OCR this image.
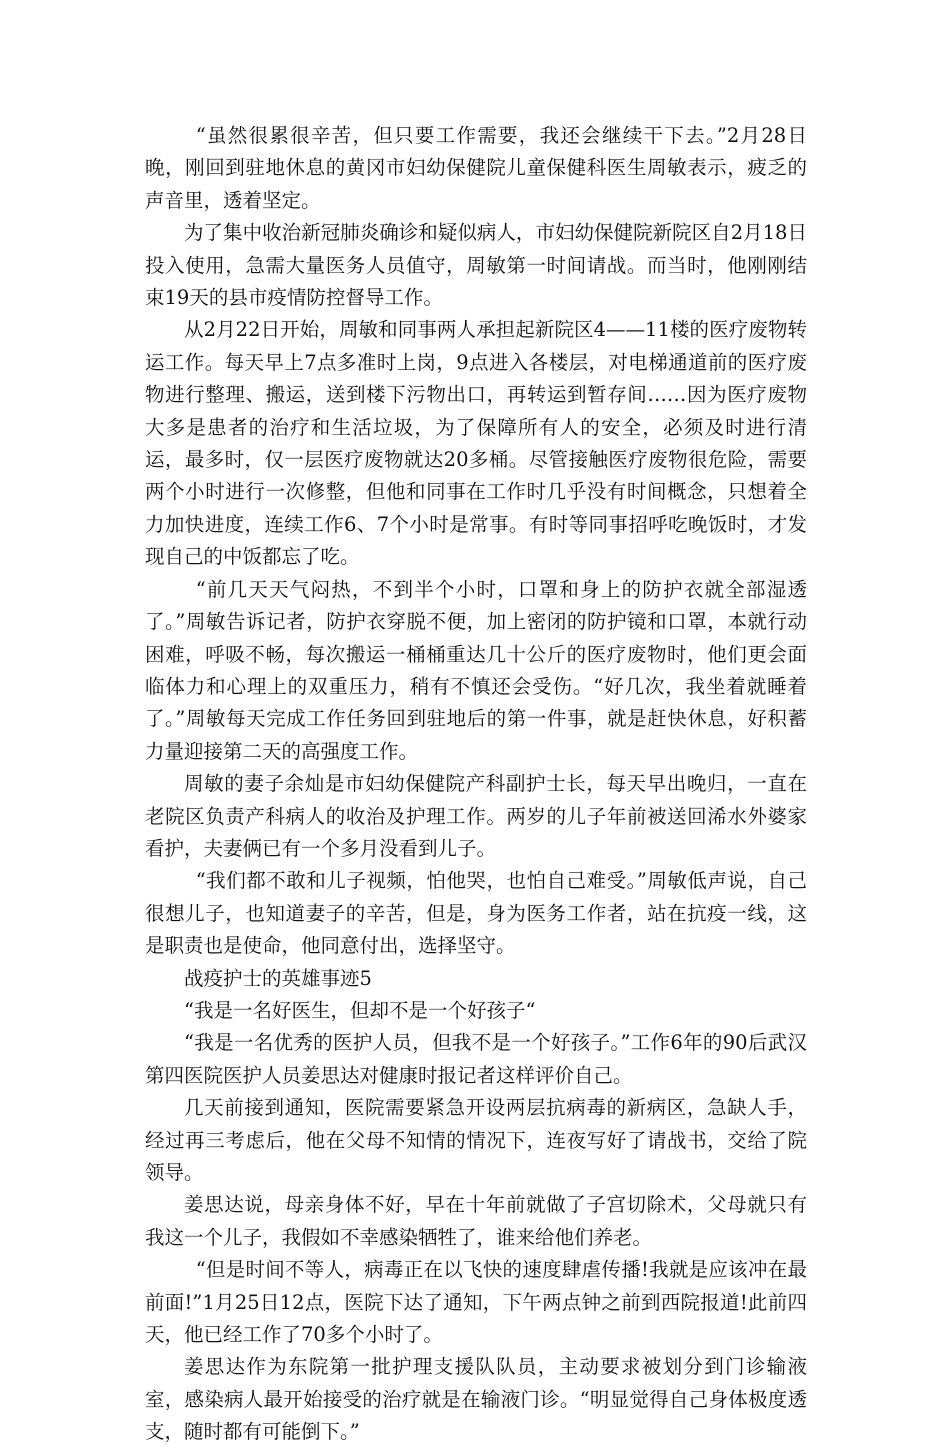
“虽然很累很辛苦，但只要工作需要，我还会继续干下去。”2月28日晚，刚回到驻地休息的黄冈市妇幼保健院儿童保健科医生周敏表示，疲乏的声音里，透着坚定。

为了集中收治新冠肺炎确诊和疑似病人，市妇幼保健院新院区自2月18日投入使用，急需大量医务人员值守，周敏第一时间请战。而当时，他刚刚结束19天的县市疫情防控督导工作。

从2月22日开始，周敏和同事两人承担起新院区4——11楼的医疗废物转运工作。每天早上7点多准时上岗，9点进入各楼层，对电梯通道前的医疗废物进行整理、搬运，送到楼下污物出口，再转运到暂存间……因为医疗废物大多是患者的治疗和生活垃圾，为了保障所有人的安全，必须及时进行清运，最多时，仅一层医疗废物就达20多桶。尽管接触医疗废物很危险，需要两个小时进行一次修整，但他和同事在工作时几乎没有时间概念，只想着全力加快进度，连续工作6、7个小时是常事。有时等同事招呼吃晚饭时，才发现自己的中饭都忘了吃。

“前几天天气闷热，不到半个小时，口罩和身上的防护衣就全部湿透了。”周敏告诉记者，防护衣穿脱不便，加上密闭的防护镜和口罩，本就行动困难，呼吸不畅，每次搬运一桶桶重达几十公斤的医疗废物时，他们更会面临体力和心理上的双重压力，稍有不慎还会受伤。“好几次，我坐着就睡着了。”周敏每天完成工作任务回到驻地后的第一件事，就是赶快休息，好积蓄力量迎接第二天的高强度工作。

周敏的妻子余灿是市妇幼保健院产科副护士长，每天早出晚归，一直在老院区负责产科病人的收治及护理工作。两岁的儿子年前被送回浠水外婆家看护，夫妻俩已有一个多月没看到儿子。

“我们都不敢和儿子视频，怕他哭，也怕自己难受。”周敏低声说，自己很想儿子，也知道妻子的辛苦，但是，身为医务工作者，站在抗疫一线，这是职责也是使命，他同意付出，选择坚守。

战疫护士的英雄事迹5

“我是一名好医生，但却不是一个好孩子“

“我是一名优秀的医护人员，但我不是一个好孩子。”工作6年的90后武汉第四医院医护人员姜思达对健康时报记者这样评价自己。

几天前接到通知，医院需要紧急开设两层抗病毒的新病区，急缺人手，经过再三考虑后，他在父母不知情的情况下，连夜写好了请战书，交给了院领导。

姜思达说，母亲身体不好，早在十年前就做了子宫切除术，父母就只有我这一个儿子，我假如不幸感染牺牲了，谁来给他们养老。

“但是时间不等人，病毒正在以飞快的速度肆虐传播!我就是应该冲在最前面!”1月25日12点，医院下达了通知，下午两点钟之前到西院报道!此前四天，他已经工作了70多个小时了。

姜思达作为东院第一批护理支援队队员，主动要求被划分到门诊输液室，感染病人最开始接受的治疗就是在输液门诊。“明显觉得自己身体极度透支，随时都有可能倒下。”
